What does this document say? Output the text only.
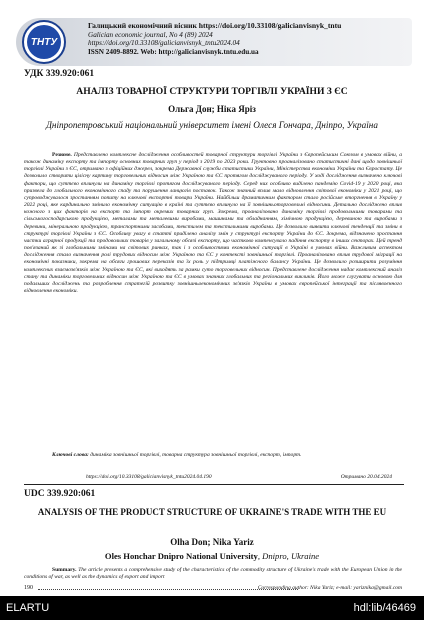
ТНТУ
Галицький економічний вісник https://doi.org/10.33108/galicianvisnyk_tntu
Galician economic journal, No 4 (89) 2024
https://doi.org/10.33108/galicianvisnyk_tntu2024.04
ISSN 2409-8892. Web: http://galicianvisnyk.tntu.edu.ua
УДК 339.920:061
АНАЛІЗ ТОВАРНОЇ СТРУКТУРИ ТОРГІВЛІ УКРАЇНИ З ЄС
Ольга Дон; Ніка Яріз
Дніпропетровський національний університет імені Олеся Гончара, Дніпро, Україна
Резюме. Представлено комплексне дослідження особливостей товарної структури торгівлі України з Європейським Союзом в умовах війни, а також динаміку експорту та імпорту основних товарних груп у період з 2019 по 2023 роки. Грунтовно проаналізовано статистичні дані щодо зовнішньої торгівлі України з ЄС, отримано з офіційних джерел, зокрема Державної служби статистики України, Міністерства економіки України та Євростату. Це дозволило створити цілісну картину торговельних відносин між Україною та ЄС протягом досліджуваного періоду. У ході дослідження визначено ключові фактори, що суттєво вплинули на динаміку торгівлі протягом досліджуваного періоду. Серед них особливо виділено пандемію Covid-19 у 2020 році, яка призвела до глобального економічного спаду та порушення ланцюгів поставок. Також значний вплив мало відновлення світової економіки у 2021 році, що супроводжувалося зростанням попиту на ключові експортні товари України. Найбільш драматичним фактором стало російське вторгнення в Україну у 2022 році, яке кардинально змінило економічну ситуацію в країні та суттєво вплинуло на її зовнішньоторговельні відносини. Детально досліджено вплив кожного з цих факторів на експорт та імпорт окремих товарних груп. Зокрема, проаналізовано динаміку торгівлі продовольчими товарами та сільськогосподарською продукцією, металами та металевими виробами, машинами та обладнанням, хімічною продукцією, деревиною та виробами з деревини, мінеральною продукцією, транспортними засобами, текстилем та текстильними виробами. Це дозволило виявити ключові тенденції та зміни в структурі торгівлі України з ЄС. Особливу увагу в статті приділено аналізу змін у структурі експорту України до ЄС. Зокрема, відзначено зростання частки аграрної продукції та продовольчих товарів у загальному обсязі експорту, що частково компенсувало падіння експорту в інших секторах. Цей тренд пов'язаний як зі глобальними змінами на світових ринках, так і з особливостями економічної ситуації в Україні в умовах війни. Важливим аспектом дослідження стало визначення ролі трудових відносин між Україною та ЄС у контексті зовнішньої торгівлі. Проаналізовано вплив трудової міграції на економічні показники, зокрема на обсяги грошових переказів та їх роль у підтримці платіжного балансу України. Це дозволило розширити розуміння комплексних взаємозв'язків між Україною та ЄС, які виходять за рамки суто торговельних відносин. Представлене дослідження надає комплексний аналіз стану та динаміки торговельних відносин між Україною та ЄС в умовах значних глобальних та регіональних викликів. Його може слугувати основою для подальших досліджень та розроблення стратегій розвитку зовнішньоекономічних зв'язків України в умовах європейської інтеграції та післявоєнного відновлення економіки.
Ключові слова: динаміка зовнішньої торгівлі, товарна структура зовнішньої торгівлі, експорт, імпорт.
https://doi.org/10.33108/galicianvisnyk_tntu2024.04.190	Отримано 20.04.2024
UDC 339.920:061
ANALYSIS OF THE PRODUCT STRUCTURE OF UKRAINE'S TRADE WITH THE EU
Olha Don; Nika Yariz
Oles Honchar Dnipro National University, Dnipro, Ukraine
Summary. The article presents a comprehensive study of the characteristics of the commodity structure of Ukraine's trade with the European Union in the conditions of war, as well as the dynamics of export and import
190	Corresponding author: Nika Yariz; e-mail: yariznika@gmail.com
ELARTU	hdl:lib/46469
